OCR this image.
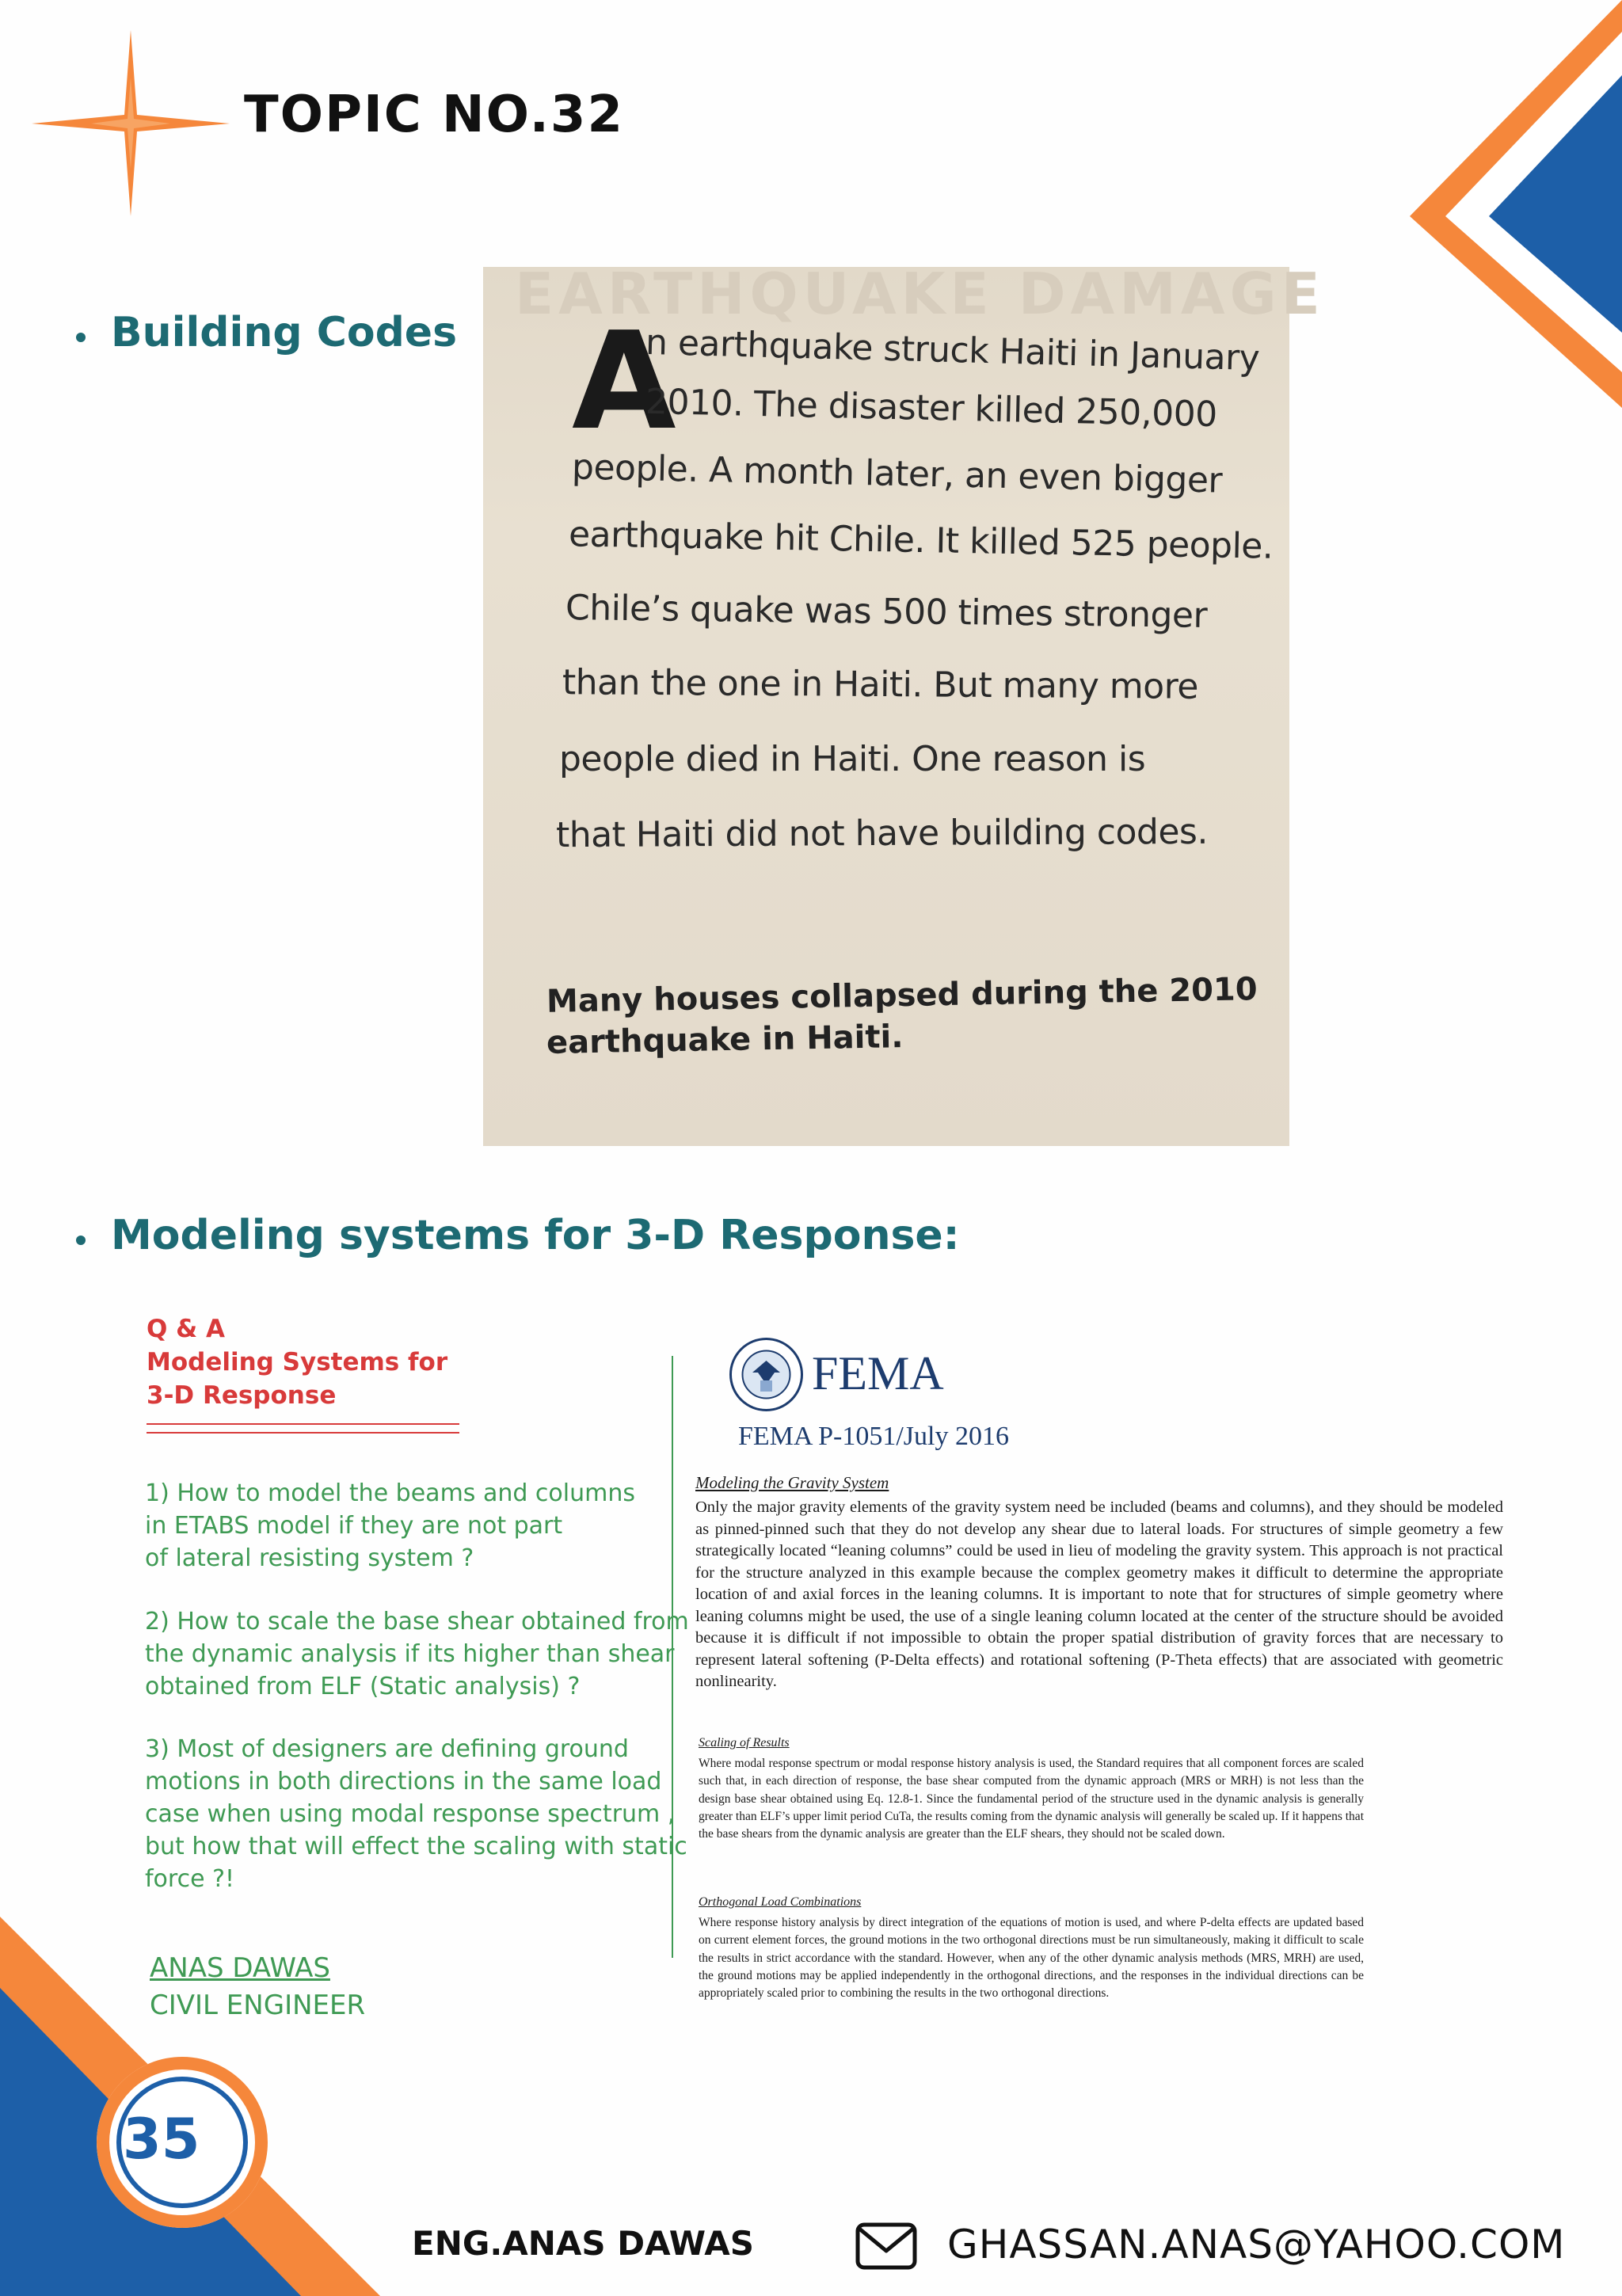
TOPIC NO.32
Building Codes
EARTHQUAKE DAMAGE
A
n earthquake struck Haiti in January
2010. The disaster killed 250,000
people. A month later, an even bigger
earthquake hit Chile. It killed 525 people.
Chile’s quake was 500 times stronger
than the one in Haiti. But many more
people died in Haiti. One reason is
that Haiti did not have building codes.
Many houses collapsed during the 2010
earthquake in Haiti.
Modeling systems for 3-D Response:
Q & A
Modeling Systems for
3-D Response
1) How to model the beams and columns
in ETABS model if they are not part
of lateral resisting system ?
2) How to scale the base shear obtained from
the dynamic analysis if its higher than shear
obtained from ELF (Static analysis) ?
3) Most of designers are defining ground
motions in both directions in the same load
case when using modal response spectrum ,
but how that will effect the scaling with static
force ?!
ANAS DAWAS
CIVIL ENGINEER
FEMA
FEMA P-1051/July 2016
Modeling the Gravity System
Only the major gravity elements of the gravity system need be included (beams and columns), and they should be modeled as pinned-pinned such that they do not develop any shear due to lateral loads. For structures of simple geometry a few strategically located “leaning columns” could be used in lieu of modeling the gravity system. This approach is not practical for the structure analyzed in this example because the complex geometry makes it difficult to determine the appropriate location of and axial forces in the leaning columns. It is important to note that for structures of simple geometry where leaning columns might be used, the use of a single leaning column located at the center of the structure should be avoided because it is difficult if not impossible to obtain the proper spatial distribution of gravity forces that are necessary to represent lateral softening (P-Delta effects) and rotational softening (P-Theta effects) that are associated with geometric nonlinearity.
Scaling of Results
Where modal response spectrum or modal response history analysis is used, the Standard requires that all component forces are scaled such that, in each direction of response, the base shear computed from the dynamic approach (MRS or MRH) is not less than the design base shear obtained using Eq. 12.8-1. Since the fundamental period of the structure used in the dynamic analysis is generally greater than ELF’s upper limit period CuTa, the results coming from the dynamic analysis will generally be scaled up. If it happens that the base shears from the dynamic analysis are greater than the ELF shears, they should not be scaled down.
Orthogonal Load Combinations
Where response history analysis by direct integration of the equations of motion is used, and where P-delta effects are updated based on current element forces, the ground motions in the two orthogonal directions must be run simultaneously, making it difficult to scale the results in strict accordance with the standard. However, when any of the other dynamic analysis methods (MRS, MRH) are used, the ground motions may be applied independently in the orthogonal directions, and the responses in the individual directions can be appropriately scaled prior to combining the results in the two orthogonal directions.
35
ENG.ANAS DAWAS	GHASSAN.ANAS@YAHOO.COM
